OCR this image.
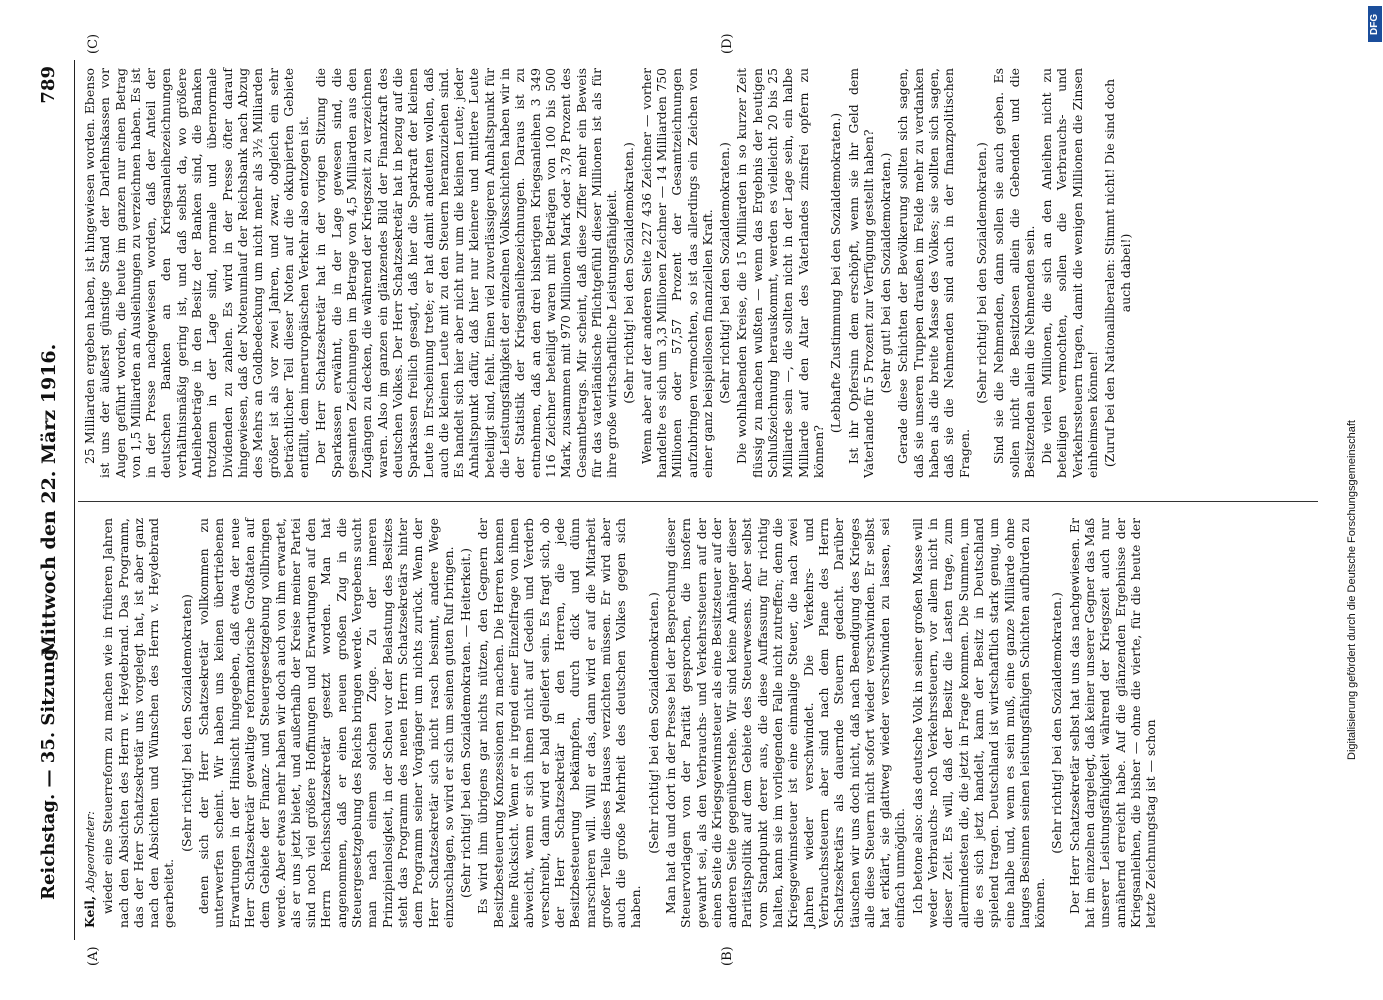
Reichstag. — 35. Sitzung.
Mittwoch den 22. März 1916.
789
(A)	(B)
(C)	(D)

Keil, Abgeordneter: wieder eine Steuerreform zu machen wie in früheren Jahren nach den Absichten des Herrn v. Heydebrand. Das Programm, das der Herr Schatzsekretär uns vorgelegt hat, ist aber ganz nach den Absichten und Wünschen des Herrn v. Heydebrand gearbeitet.

(Sehr richtig! bei den Sozialdemokraten) denen sich der Herr Schatzsekretär vollkommen zu unterwerfen scheint. Wir haben uns keinen übertriebenen Erwartungen in der Hinsicht hingegeben, daß etwa der neue Herr Schatzsekretär gewaltige reformatorische Großtaten auf dem Gebiete der Finanz- und Steuergesetzgebung vollbringen werde. Aber etwas mehr haben wir doch auch von ihm erwartet, als er uns jetzt bietet, und außerhalb der Kreise meiner Partei sind noch viel größere Hoffnungen und Erwartungen auf den Herrn Reichsschatzsekretär gesetzt worden. Man hat angenommen, daß er einen neuen großen Zug in die Steuergesetzgebung des Reichs bringen werde. Vergebens sucht man nach einem solchen Zuge. Zu der inneren Prinzipienlosigkeit, in der Scheu vor der Belastung des Besitzes steht das Programm des neuen Herrn Schatzsekretärs hinter dem Programm seiner Vorgänger um nichts zurück. Wenn der Herr Schatzsekretär sich nicht rasch besinnt, andere Wege einzuschlagen, so wird er sich um seinen guten Ruf bringen. (Sehr richtig! bei den Sozialdemokraten. — Heiterkeit.) Es wird ihm übrigens gar nichts nützen, den Gegnern der Besitzbesteuerung Konzessionen zu machen. Die Herren kennen keine Rücksicht. Wenn er in irgend einer Einzelfrage von ihnen abweicht, wenn er sich ihnen nicht auf Gedeih und Verderb verschreibt, dann wird er bald geliefert sein. Es fragt sich, ob der Herr Schatzsekretär in den Herren, die jede Besitzbesteuerung bekämpfen, durch dick und dünn marschieren will. Will er das, dann wird er auf die Mitarbeit großer Teile dieses Hauses verzichten müssen. Er wird aber auch die große Mehrheit des deutschen Volkes gegen sich haben.

(Sehr richtig! bei den Sozialdemokraten.) Man hat da und dort in der Presse bei der Besprechung dieser Steuervorlagen von der Parität gesprochen, die insofern gewahrt sei, als den Verbrauchs- und Verkehrssteuern auf der einen Seite die Kriegsgewinnsteuer als eine Besitzsteuer auf der anderen Seite gegenüberstehe. Wir sind keine Anhänger dieser Paritätspolitik auf dem Gebiete des Steuerwesens. Aber selbst vom Standpunkt derer aus, die diese Auffassung für richtig halten, kann sie im vorliegenden Falle nicht zutreffen; denn die Kriegsgewinnsteuer ist eine einmalige Steuer, die nach zwei Jahren wieder verschwindet. Die Verkehrs- und Verbrauchssteuern aber sind nach dem Plane des Herrn Schatzsekretärs als dauernde Steuern gedacht. Darüber täuschen wir uns doch nicht, daß nach Beendigung des Krieges alle diese Steuern nicht sofort wieder verschwinden. Er selbst hat erklärt, sie glattweg wieder verschwinden zu lassen, sei einfach unmöglich. Ich betone also: das deutsche Volk in seiner großen Masse will weder Verbrauchs- noch Verkehrssteuern, vor allem nicht in dieser Zeit. Es will, daß der Besitz die Lasten trage, zum allermindesten die, die jetzt in Frage kommen. Die Summen, um die es sich jetzt handelt, kann der Besitz in Deutschland spielend tragen. Deutschland ist wirtschaftlich stark genug, um eine halbe und, wenn es sein muß, eine ganze Milliarde ohne langes Besinnen seinen leistungsfähigen Schichten aufbürden zu können.

(Sehr richtig! bei den Sozialdemokraten.) Der Herr Schatzsekretär selbst hat uns das nachgewiesen. Er hat im einzelnen dargelegt, daß keiner unserer Gegner das Maß unserer Leistungsfähigkeit während der Kriegszeit auch nur annähernd erreicht habe. Auf die glänzenden Ergebnisse der Kriegsanleihen, die bisher — ohne die vierte, für die heute der letzte Zeichnungstag ist — schon

25 Milliarden ergeben haben, ist hingewiesen worden. Ebenso ist uns der äußerst günstige Stand der Darlehnskassen vor Augen geführt worden, die heute im ganzen nur einen Betrag von 1,5 Milliarden an Ausleihungen zu verzeichnen haben. Es ist in der Presse nachgewiesen worden, daß der Anteil der deutschen Banken an den Kriegsanleihezeichnungen verhältnismäßig gering ist, und daß selbst da, wo größere Anleihebeträge in den Besitz der Banken sind, die Banken trotzdem in der Lage sind, normale und übernormale Dividenden zu zahlen. Es wird in der Presse öfter darauf hingewiesen, daß der Notenumlauf der Reichsbank nach Abzug des Mehrs an Goldbedeckung um nicht mehr als 3½ Milliarden größer ist als vor zwei Jahren, und zwar, obgleich ein sehr beträchtlicher Teil dieser Noten auf die okkupierten Gebiete entfällt, dem inneruropäischen Verkehr also entzogen ist. Der Herr Schatzsekretär hat in der vorigen Sitzung die Sparkassen erwähnt, die in der Lage gewesen sind, die gesamten Zeichnungen im Betrage von 4,5 Milliarden aus den Zugängen zu decken, die während der Kriegszeit zu verzeichnen waren. Also im ganzen ein glänzendes Bild der Finanzkraft des deutschen Volkes. Der Herr Schatzsekretär hat in bezug auf die Sparkassen freilich gesagt, daß hier die Sparkraft der kleinen Leute in Erscheinung trete; er hat damit andeuten wollen, daß auch die kleinen Leute mit zu den Steuern heranzuziehen sind. Es handelt sich hier aber nicht nur um die kleinen Leute; jeder Anhaltspunkt dafür, daß hier nur kleinere und mittlere Leute beteiligt sind, fehlt. Einen viel zuverlässigeren Anhaltspunkt für die Leistungsfähigkeit der einzelnen Volksschichten haben wir in der Statistik der Kriegsanleihezeichnungen. Daraus ist zu entnehmen, daß an den drei bisherigen Kriegsanleihen 3 349 116 Zeichner beteiligt waren mit Beträgen von 100 bis 500 Mark, zusammen mit 970 Millionen Mark oder 3,78 Prozent des Gesamtbetrags. Mir scheint, daß diese Ziffer mehr ein Beweis für das vaterländische Pflichtgefühl dieser Millionen ist als für ihre große wirtschaftliche Leistungsfähigkeit. (Sehr richtig! bei den Sozialdemokraten.) Wenn aber auf der anderen Seite 227 436 Zeichner — vorher handelte es sich um 3,3 Millionen Zeichner — 14 Milliarden 750 Millionen oder 57,57 Prozent der Gesamtzeichnungen aufzubringen vermochten, so ist das allerdings ein Zeichen von einer ganz beispiellosen finanziellen Kraft. (Sehr richtig! bei den Sozialdemokraten.) Die wohlhabenden Kreise, die 15 Milliarden in so kurzer Zeit flüssig zu machen wußten — wenn das Ergebnis der heutigen Schlußzeichnung herauskommt, werden es vielleicht 20 bis 25 Milliarde sein —, die sollten nicht in der Lage sein, ein halbe Milliarde auf den Altar des Vaterlandes zinsfrei opfern zu können?

(Lebhafte Zustimmung bei den Sozialdemokraten.) Ist ihr Opfersinn dem erschöpft, wenn sie ihr Geld dem Vaterlande für 5 Prozent zur Verfügung gestellt haben? (Sehr gut! bei den Sozialdemokraten.) Gerade diese Schichten der Bevölkerung sollten sich sagen, daß sie unseren Truppen draußen im Felde mehr zu verdanken haben als die breite Masse des Volkes; sie sollten sich sagen, daß sie die Nehmenden sind auch in der finanzpolitischen Fragen.

(Sehr richtig! bei den Sozialdemokraten.) Sind sie die Nehmenden, dann sollen sie auch geben. Es sollen nicht die Besitzlosen allein die Gebenden und die Besitzenden allein die Nehmenden sein. Die vielen Millionen, die sich an den Anleihen nicht zu beteiligen vermochten, sollen die Verbrauchs- und Verkehrssteuern tragen, damit die wenigen Millionen die Zinsen einheimsen können! (Zuruf bei den Nationalliberalen: Stimmt nicht! Die sind doch auch dabei!)

Digitalisierung gefördert durch die Deutsche Forschungsgemeinschaft
DFG
